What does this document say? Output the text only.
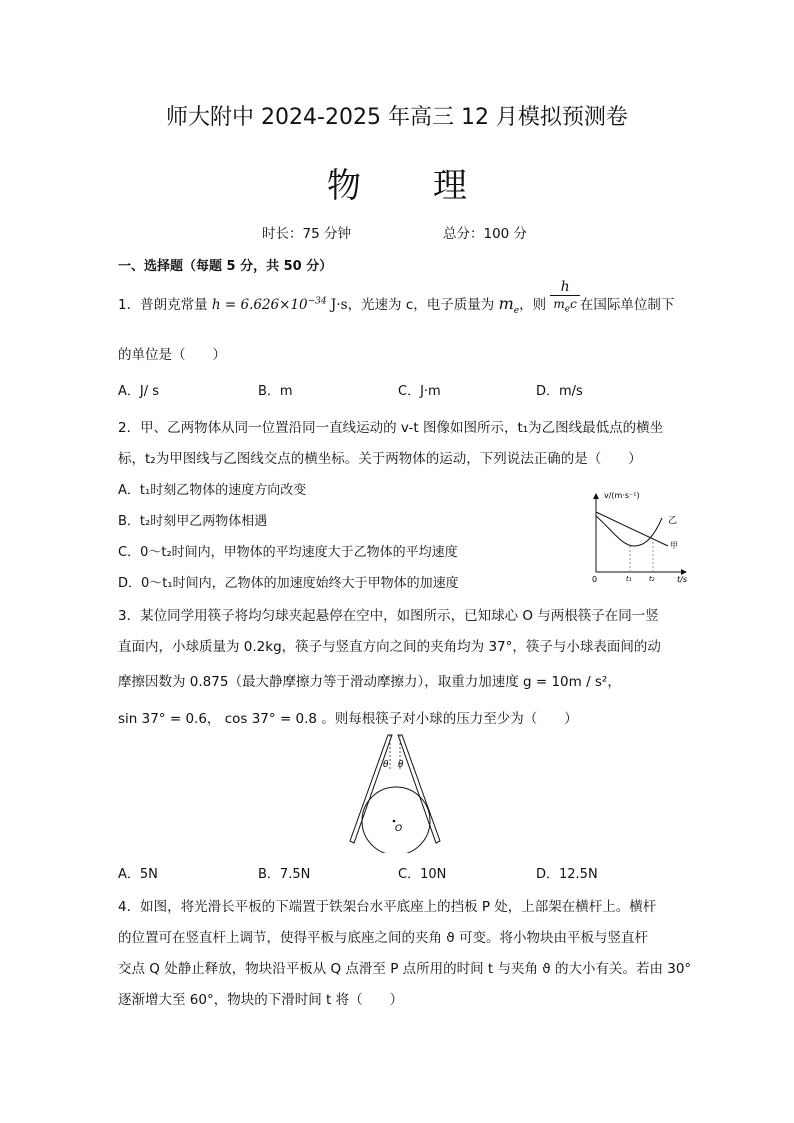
师大附中 2024-2025 年高三 12 月模拟预测卷
物 理
时长：75 分钟	总分：100 分
一、选择题（每题 5 分，共 50 分）
1．普朗克常量 $h = 6.626\times 10^{-34}$ J·s，光速为 c，电子质量为 $m_e$，则 $\frac{h}{m_ec}$ 在国际单位制下
的单位是（　　）
A．J/ s	B．m	C．J·m	D．m/s
2．甲、乙两物体从同一位置沿同一直线运动的 v-t 图像如图所示，t₁为乙图线最低点的横坐
标，t₂为甲图线与乙图线交点的横坐标。关于两物体的运动，下列说法正确的是（　　）
A．t₁时刻乙物体的速度方向改变
B．t₂时刻甲乙两物体相遇
C．0～t₂时间内，甲物体的平均速度大于乙物体的平均速度
D．0～t₁时间内，乙物体的加速度始终大于甲物体的加速度
v/(m·s⁻¹)
t/s
0	t₁ t₂
乙
甲
3．某位同学用筷子将均匀球夹起悬停在空中，如图所示，已知球心 O 与两根筷子在同一竖
直面内，小球质量为 0.2kg，筷子与竖直方向之间的夹角均为 37°，筷子与小球表面间的动
摩擦因数为 0.875（最大静摩擦力等于滑动摩擦力），取重力加速度 g = 10m / s²，
sin 37° = 0.6， cos 37° = 0.8 。则每根筷子对小球的压力至少为（　　）
θ θ
O
A．5N	B．7.5N	C．10N	D．12.5N
4．如图，将光滑长平板的下端置于铁架台水平底座上的挡板 P 处，上部架在横杆上。横杆
的位置可在竖直杆上调节，使得平板与底座之间的夹角 ϑ 可变。将小物块由平板与竖直杆
交点 Q 处静止释放，物块沿平板从 Q 点滑至 P 点所用的时间 t 与夹角 ϑ 的大小有关。若由 30°
逐渐增大至 60°，物块的下滑时间 t 将（　　）
